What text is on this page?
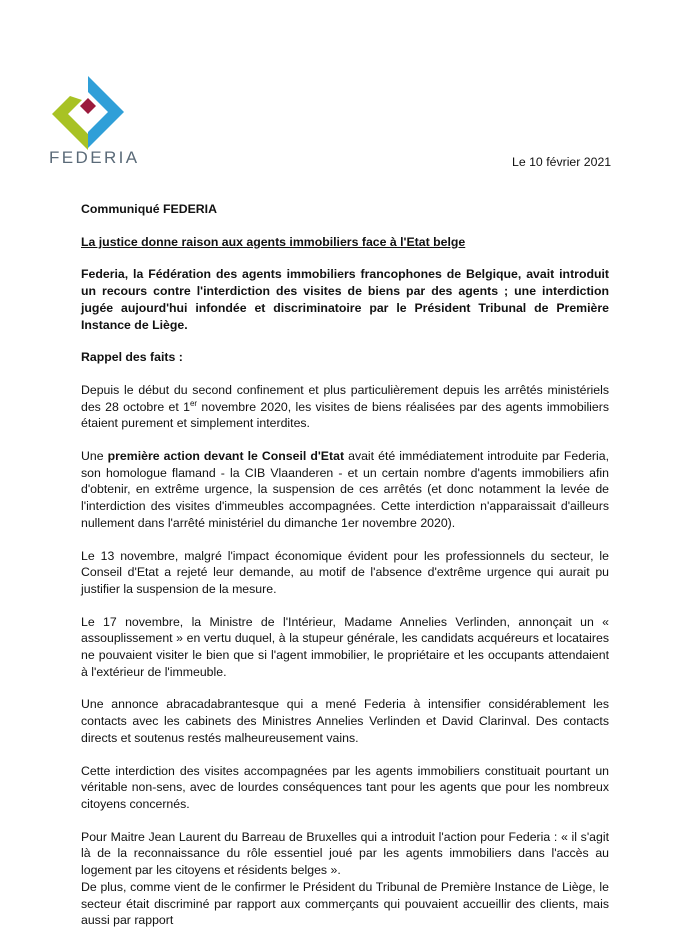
FEDERIA	Le 10 février 2021

Communiqué FEDERIA

La justice donne raison aux agents immobiliers face à l'Etat belge

Federia, la Fédération des agents immobiliers francophones de Belgique, avait introduit un recours contre l'interdiction des visites de biens par des agents ; une interdiction jugée aujourd'hui infondée et discriminatoire par le Président Tribunal de Première Instance de Liège.

Rappel des faits :

Depuis le début du second confinement et plus particulièrement depuis les arrêtés ministériels des 28 octobre et 1er novembre 2020, les visites de biens réalisées par des agents immobiliers étaient purement et simplement interdites.

Une première action devant le Conseil d'Etat avait été immédiatement introduite par Federia, son homologue flamand - la CIB Vlaanderen - et un certain nombre d'agents immobiliers afin d'obtenir, en extrême urgence, la suspension de ces arrêtés (et donc notamment la levée de l'interdiction des visites d'immeubles accompagnées. Cette interdiction n'apparaissait d'ailleurs nullement dans l'arrêté ministériel du dimanche 1er novembre 2020).

Le 13 novembre, malgré l'impact économique évident pour les professionnels du secteur, le Conseil d'Etat a rejeté leur demande, au motif de l'absence d'extrême urgence qui aurait pu justifier la suspension de la mesure.

Le 17 novembre, la Ministre de l'Intérieur, Madame Annelies Verlinden, annonçait un « assouplissement » en vertu duquel, à la stupeur générale, les candidats acquéreurs et locataires ne pouvaient visiter le bien que si l'agent immobilier, le propriétaire et les occupants attendaient à l'extérieur de l'immeuble.

Une annonce abracadabrantesque qui a mené Federia à intensifier considérablement les contacts avec les cabinets des Ministres Annelies Verlinden et David Clarinval. Des contacts directs et soutenus restés malheureusement vains.

Cette interdiction des visites accompagnées par les agents immobiliers constituait pourtant un véritable non-sens, avec de lourdes conséquences tant pour les agents que pour les nombreux citoyens concernés.

Pour Maitre Jean Laurent du Barreau de Bruxelles qui a introduit l'action pour Federia : « il s'agit là de la reconnaissance du rôle essentiel joué par les agents immobiliers dans l'accès au logement par les citoyens et résidents belges ».

De plus, comme vient de le confirmer le Président du Tribunal de Première Instance de Liège, le secteur était discriminé par rapport aux commerçants qui pouvaient accueillir des clients, mais aussi par rapport
